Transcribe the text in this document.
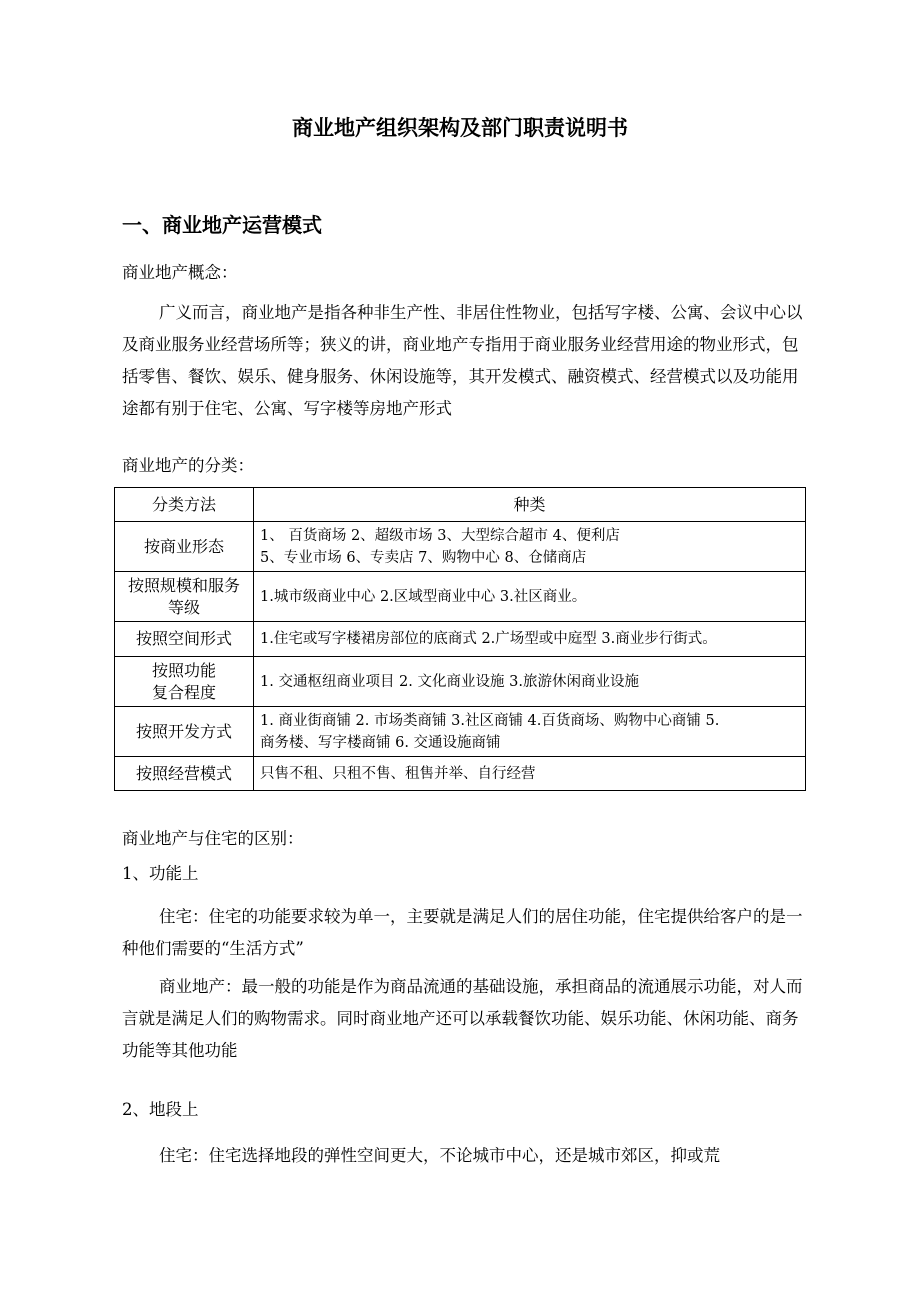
商业地产组织架构及部门职责说明书
一、商业地产运营模式

商业地产概念：

广义而言，商业地产是指各种非生产性、非居住性物业，包括写字楼、公寓、会议中心以及商业服务业经营场所等；狭义的讲，商业地产专指用于商业服务业经营用途的物业形式，包括零售、餐饮、娱乐、健身服务、休闲设施等，其开发模式、融资模式、经营模式以及功能用途都有别于住宅、公寓、写字楼等房地产形式

商业地产的分类：

分类方法	种类
按商业形态	1、 百货商场 2、超级市场 3、大型综合超市 4、便利店
5、专业市场 6、专卖店 7、购物中心 8、仓储商店

按照规模和服务
等级	1.城市级商业中心 2.区域型商业中心 3.社区商业。
按照空间形式	1.住宅或写字楼裙房部位的底商式 2.广场型或中庭型 3.商业步行街式。

按照功能
复合程度	1. 交通枢纽商业项目 2. 文化商业设施 3.旅游休闲商业设施
按照开发方式	1. 商业街商铺 2. 市场类商铺 3.社区商铺 4.百货商场、购物中心商铺 5.
商务楼、写字楼商铺 6. 交通设施商铺

按照经营模式	只售不租、只租不售、租售并举、自行经营

商业地产与住宅的区别：

1、功能上

住宅：住宅的功能要求较为单一，主要就是满足人们的居住功能，住宅提供给客户的是一种他们需要的“生活方式”

商业地产：最一般的功能是作为商品流通的基础设施，承担商品的流通展示功能，对人而言就是满足人们的购物需求。同时商业地产还可以承载餐饮功能、娱乐功能、休闲功能、商务功能等其他功能

2、地段上

住宅：住宅选择地段的弹性空间更大，不论城市中心，还是城市郊区，抑或荒
